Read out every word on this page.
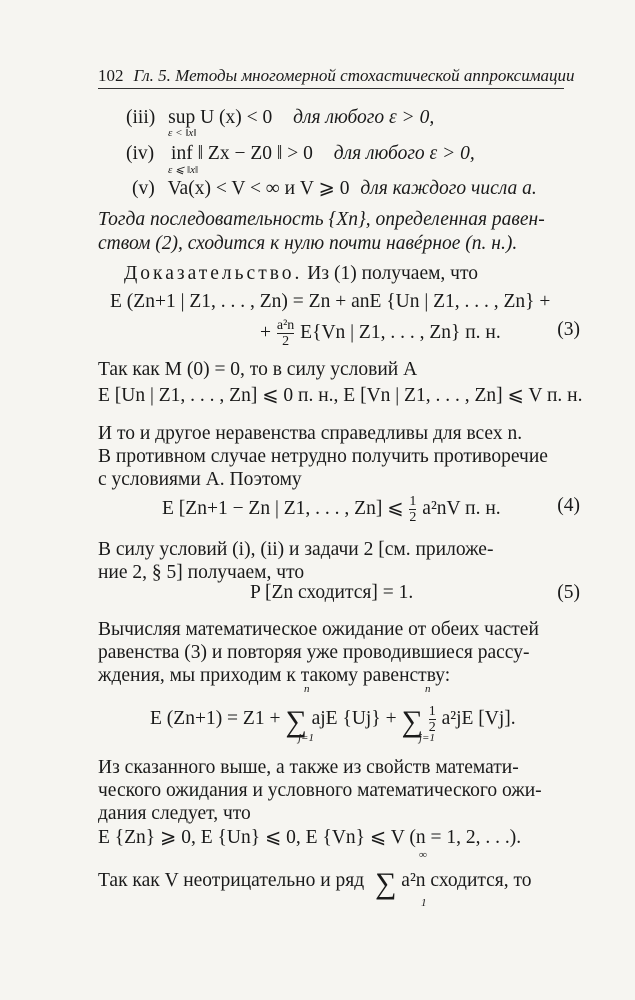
102 Гл. 5. Методы многомерной стохастической аппроксимации
(iii) sup U (x) < 0 для любого ε > 0,
ε < ‖x‖
(iv) inf ‖ Zx − Z0 ‖ > 0 для любого ε > 0,
ε ⩽ ‖x‖
(v) Va(x) < V < ∞ и V ⩾ 0 для каждого числа a.
Тогда последовательность {Xn}, определенная равен-
ством (2), сходится к нулю почти навéрное (п. н.).
Доказательство. Из (1) получаем, что
E (Zn+1 | Z1, . . . , Zn) = Zn + anE {Un | Z1, . . . , Zn} +
+ $\frac{\text{a²n}}{2} E\{Vn$ | Z1, . . . , Zn} п. н.	(3)
Так как M (0) = 0, то в силу условий A
E [Un | Z1, . . . , Zn] ⩽ 0 п. н., E [Vn | Z1, . . . , Zn] ⩽ V п. н.
И то и другое неравенства справедливы для всех n.
В противном случае нетрудно получить противоречие
с условиями A. Поэтому
E [Zn+1 − Zn | Z1, . . . , Zn] ⩽ $\frac{1}{2} a^2nV$ п. н.	(4)
В силу условий (i), (ii) и задачи 2 [см. приложе-
ние 2, § 5] получаем, что
P [Zn сходится] = 1.	(5)
Вычисляя математическое ожидание от обеих частей
равенства (3) и повторяя уже проводившиеся рассу-
ждения, мы приходим к такому равенству:
E (Zn+1) = Z1 + ∑ ajE {Uj} + ∑ $\frac{1}{2} a^2jE$ [Vj].
n
j=1
n
j=1
Из сказанного выше, а также из свойств математи-
ческого ожидания и условного математического ожи-
дания следует, что
E {Zn} ⩾ 0, E {Un} ⩽ 0, E {Vn} ⩽ V (n = 1, 2, . . .).
Так как V неотрицательно и ряд ∑ a²n сходится, то
∞
1
